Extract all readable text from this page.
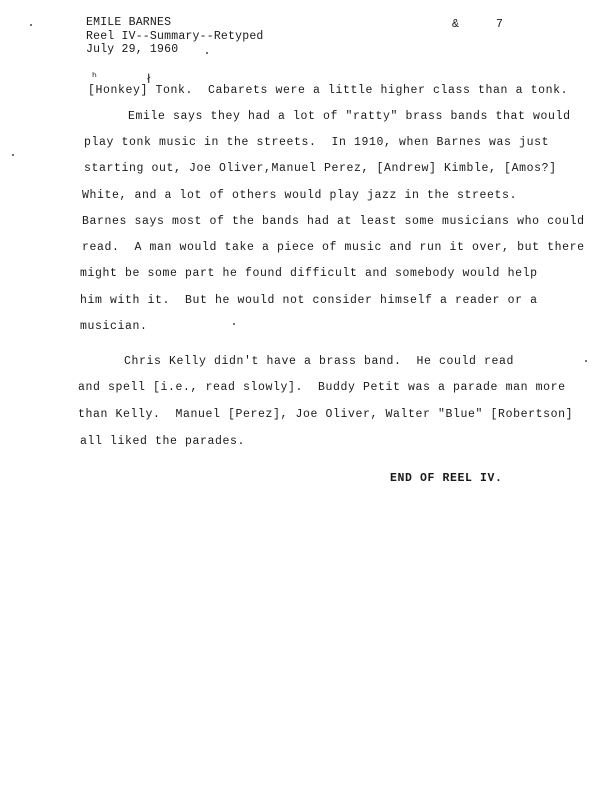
EMILE BARNES
Reel IV--Summary--Retyped
July 29, 1960
&	7
[Honkey] Tonk.  Cabarets were a little higher class than a tonk.
Emile says they had a lot of "ratty" brass bands that would
play tonk music in the streets.  In 1910, when Barnes was just
starting out, Joe Oliver,Manuel Perez, [Andrew] Kimble, [Amos?]
White, and a lot of others would play jazz in the streets.
Barnes says most of the bands had at least some musicians who could
read.  A man would take a piece of music and run it over, but there
might be some part he found difficult and somebody would help
him with it.  But he would not consider himself a reader or a
musician.
Chris Kelly didn't have a brass band.  He could read
and spell [i.e., read slowly].  Buddy Petit was a parade man more
than Kelly.  Manuel [Perez], Joe Oliver, Walter "Blue" [Robertson]
all liked the parades.
END OF REEL IV.
ʰ	ł
